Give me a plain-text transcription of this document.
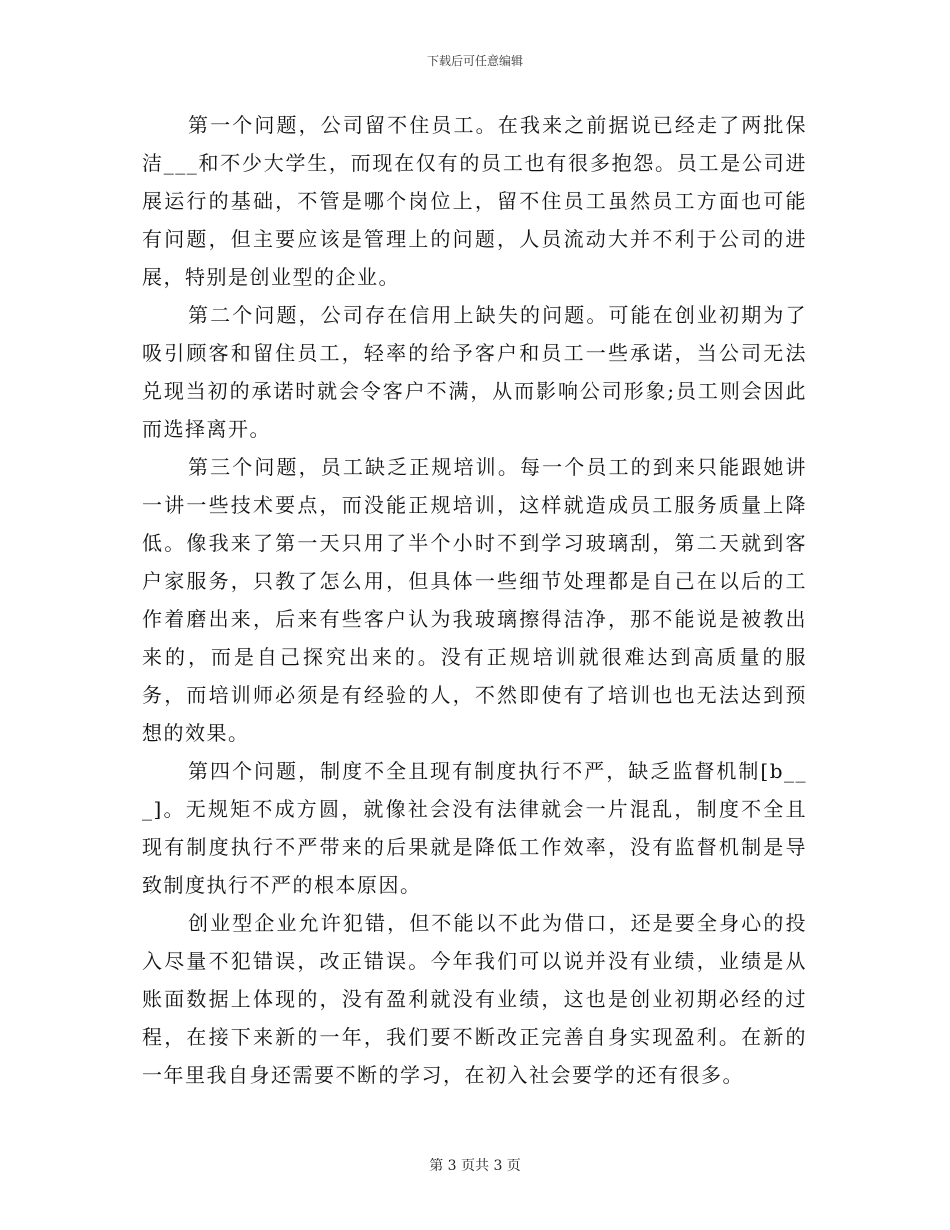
下载后可任意编辑

第一个问题，公司留不住员工。在我来之前据说已经走了两批保洁___和不少大学生，而现在仅有的员工也有很多抱怨。员工是公司进展运行的基础，不管是哪个岗位上，留不住员工虽然员工方面也可能有问题，但主要应该是管理上的问题，人员流动大并不利于公司的进展，特别是创业型的企业。

第二个问题，公司存在信用上缺失的问题。可能在创业初期为了吸引顾客和留住员工，轻率的给予客户和员工一些承诺，当公司无法兑现当初的承诺时就会令客户不满，从而影响公司形象;员工则会因此而选择离开。

第三个问题，员工缺乏正规培训。每一个员工的到来只能跟她讲一讲一些技术要点，而没能正规培训，这样就造成员工服务质量上降低。像我来了第一天只用了半个小时不到学习玻璃刮，第二天就到客户家服务，只教了怎么用，但具体一些细节处理都是自己在以后的工作着磨出来，后来有些客户认为我玻璃擦得洁净，那不能说是被教出来的，而是自己探究出来的。没有正规培训就很难达到高质量的服务，而培训师必须是有经验的人，不然即使有了培训也也无法达到预想的效果。

第四个问题，制度不全且现有制度执行不严，缺乏监督机制[b___]。无规矩不成方圆，就像社会没有法律就会一片混乱，制度不全且现有制度执行不严带来的后果就是降低工作效率，没有监督机制是导致制度执行不严的根本原因。

创业型企业允许犯错，但不能以不此为借口，还是要全身心的投入尽量不犯错误，改正错误。今年我们可以说并没有业绩，业绩是从账面数据上体现的，没有盈利就没有业绩，这也是创业初期必经的过程，在接下来新的一年，我们要不断改正完善自身实现盈利。在新的一年里我自身还需要不断的学习，在初入社会要学的还有很多。

第 3 页共 3 页
